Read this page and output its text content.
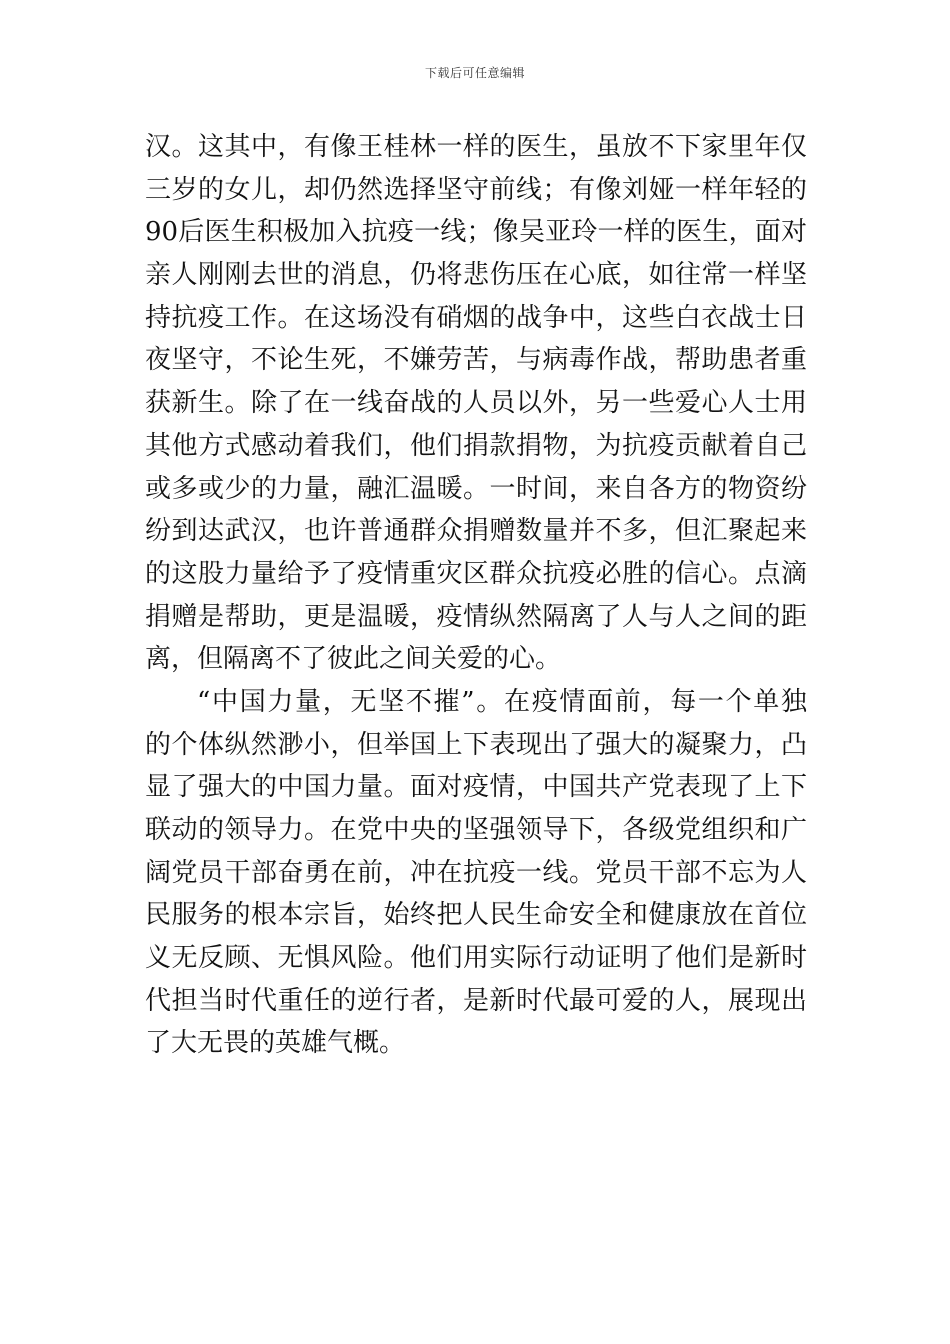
下载后可任意编辑
汉。这其中，有像王桂林一样的医生，虽放不下家里年仅
三岁的女儿，却仍然选择坚守前线；有像刘娅一样年轻的
90后医生积极加入抗疫一线；像吴亚玲一样的医生，面对
亲人刚刚去世的消息，仍将悲伤压在心底，如往常一样坚
持抗疫工作。在这场没有硝烟的战争中，这些白衣战士日
夜坚守，不论生死，不嫌劳苦，与病毒作战，帮助患者重
获新生。除了在一线奋战的人员以外，另一些爱心人士用
其他方式感动着我们，他们捐款捐物，为抗疫贡献着自己
或多或少的力量，融汇温暖。一时间，来自各方的物资纷
纷到达武汉，也许普通群众捐赠数量并不多，但汇聚起来
的这股力量给予了疫情重灾区群众抗疫必胜的信心。点滴
捐赠是帮助，更是温暖，疫情纵然隔离了人与人之间的距
离，但隔离不了彼此之间关爱的心。
“中国力量，无坚不摧”。在疫情面前，每一个单独
的个体纵然渺小，但举国上下表现出了强大的凝聚力，凸
显了强大的中国力量。面对疫情，中国共产党表现了上下
联动的领导力。在党中央的坚强领导下，各级党组织和广
阔党员干部奋勇在前，冲在抗疫一线。党员干部不忘为人
民服务的根本宗旨，始终把人民生命安全和健康放在首位
义无反顾、无惧风险。他们用实际行动证明了他们是新时
代担当时代重任的逆行者，是新时代最可爱的人，展现出
了大无畏的英雄气概。
